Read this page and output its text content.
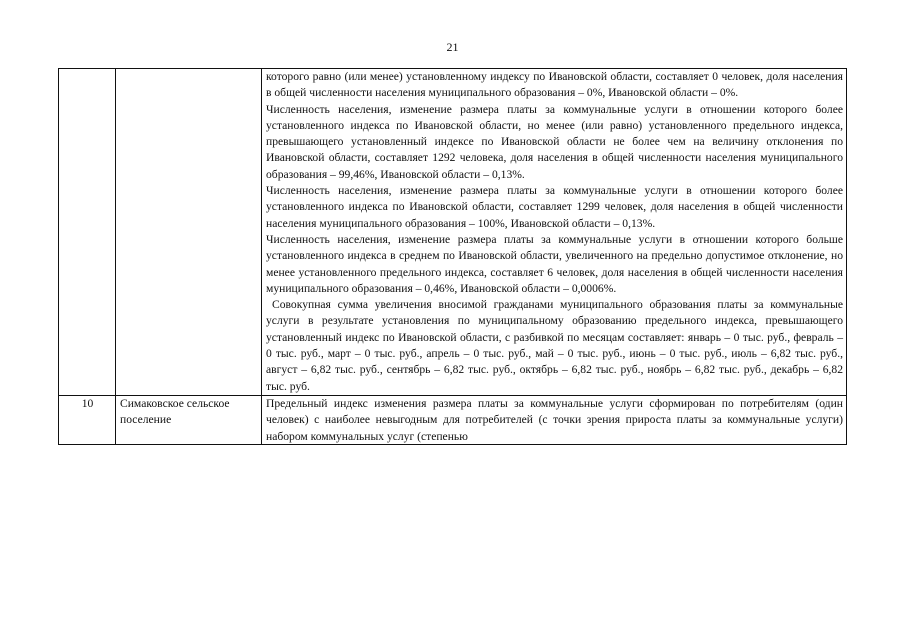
21

		которого равно (или менее) установленному индексу по Ивановской области, составляет 0 человек, доля населения в общей численности населения муниципального образования – 0%, Ивановской области – 0%.

Численность населения, изменение размера платы за коммунальные услуги в отношении которого более установленного индекса по Ивановской области, но менее (или равно) установленного предельного индекса, превышающего установленный индексе по Ивановской области не более чем на величину отклонения по Ивановской области, составляет 1292 человека, доля населения в общей численности населения муниципального образования – 99,46%, Ивановской области – 0,13%.

Численность населения, изменение размера платы за коммунальные услуги в отношении которого более установленного индекса по Ивановской области, составляет 1299 человек, доля населения в общей численности населения муниципального образования – 100%, Ивановской области – 0,13%.

Численность населения, изменение размера платы за коммунальные услуги в отношении которого больше установленного индекса в среднем по Ивановской области, увеличенного на предельно допустимое отклонение, но менее установленного предельного индекса, составляет 6 человек, доля населения в общей численности населения муниципального образования – 0,46%, Ивановской области – 0,0006%.

Совокупная сумма увеличения вносимой гражданами муниципального образования платы за коммунальные услуги в результате установления по муниципальному образованию предельного индекса, превышающего установленный индекс по Ивановской области, с разбивкой по месяцам составляет: январь – 0 тыс. руб., февраль – 0 тыс. руб., март – 0 тыс. руб., апрель – 0 тыс. руб., май – 0 тыс. руб., июнь – 0 тыс. руб., июль – 6,82 тыс. руб., август – 6,82 тыс. руб., сентябрь – 6,82 тыс. руб., октябрь – 6,82 тыс. руб., ноябрь – 6,82 тыс. руб., декабрь – 6,82 тыс. руб.

10	Симаковское сельское поселение	Предельный индекс изменения размера платы за коммунальные услуги сформирован по потребителям (один человек) с наиболее невыгодным для потребителей (с точки зрения прироста платы за коммунальные услуги) набором коммунальных услуг (степенью
